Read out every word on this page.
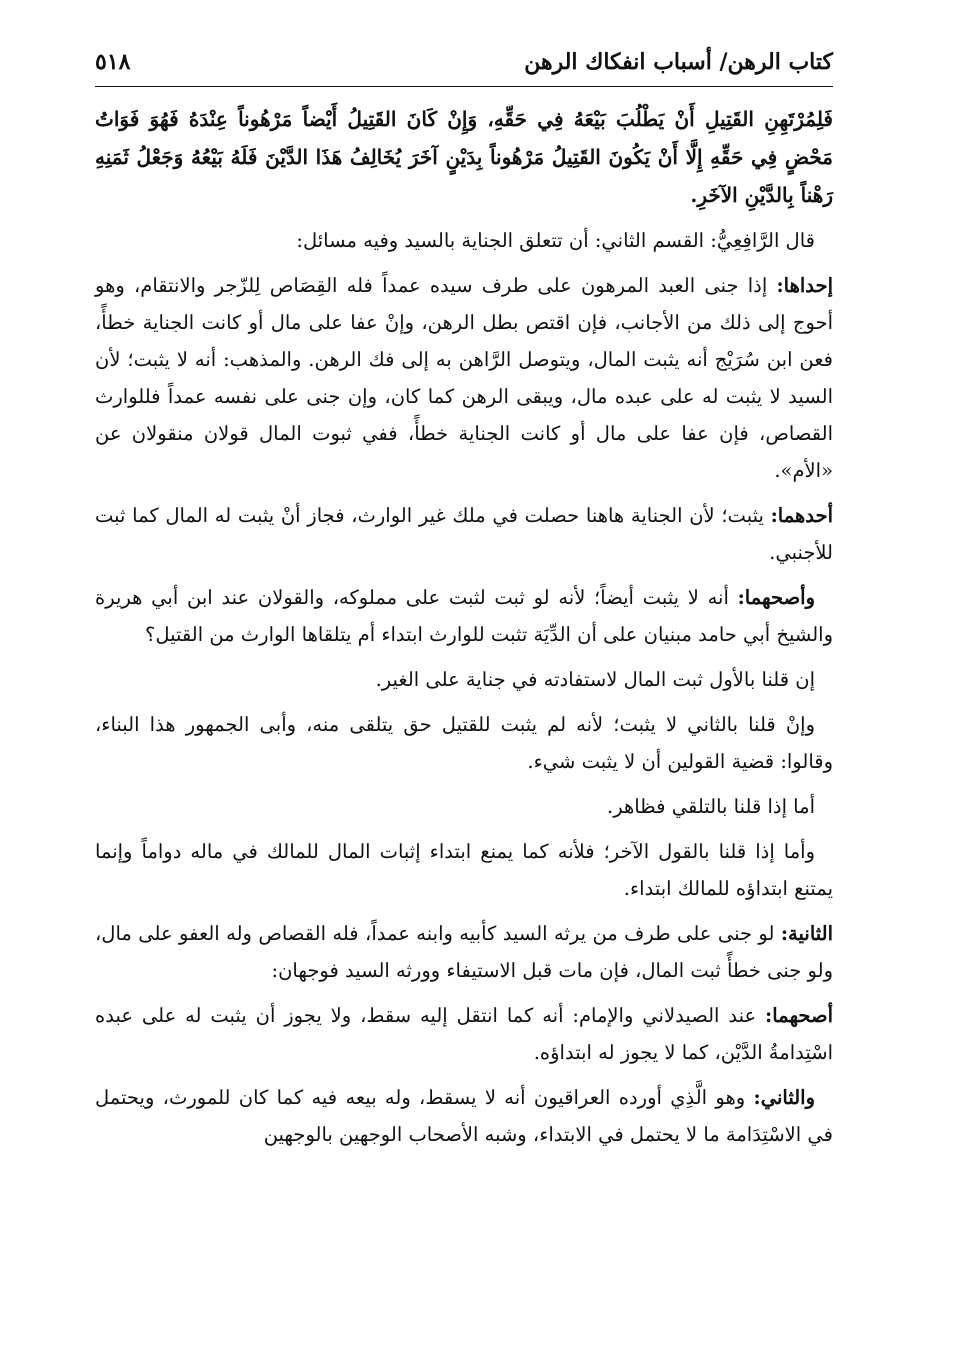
كتاب الرهن/ أسباب انفكاك الرهن
٥١٨

فَلِمُرْتَهِنِ القَتِيلِ أَنْ يَطْلُبَ بَيْعَهُ فِي حَقِّهِ، وَإِنْ كَانَ القَتِيلُ أَيْضاً مَرْهُوناً عِنْدَهُ فَهُوَ فَوَاتُ مَحْضٍ فِي حَقِّهِ إِلَّا أَنْ يَكُونَ القَتِيلُ مَرْهُوناً بِدَيْنٍ آخَرَ يُخَالِفُ هَذَا الدَّيْنَ فَلَهُ بَيْعُهُ وَجَعْلُ ثَمَنِهِ رَهْناً بِالدَّيْنِ الآخَرِ.

قال الرَّافِعِيُّ: القسم الثاني: أن تتعلق الجناية بالسيد وفيه مسائل:

إحداها: إذا جنى العبد المرهون على طرف سيده عمداً فله القِصَاص لِلزّجر والانتقام، وهو أحوج إلى ذلك من الأجانب، فإن اقتص بطل الرهن، وإنْ عفا على مال أو كانت الجناية خطأً، فعن ابن سُرَيْج أنه يثبت المال، ويتوصل الرَّاهن به إلى فك الرهن. والمذهب: أنه لا يثبت؛ لأن السيد لا يثبت له على عبده مال، ويبقى الرهن كما كان، وإن جنى على نفسه عمداً فللوارث القصاص، فإن عفا على مال أو كانت الجناية خطأً، ففي ثبوت المال قولان منقولان عن «الأم».

أحدهما: يثبت؛ لأن الجناية هاهنا حصلت في ملك غير الوارث، فجاز أنْ يثبت له المال كما ثبت للأجنبي.

وأصحهما: أنه لا يثبت أيضاً؛ لأنه لو ثبت لثبت على مملوكه، والقولان عند ابن أبي هريرة والشيخ أبي حامد مبنيان على أن الدِّيَة تثبت للوارث ابتداء أم يتلقاها الوارث من القتيل؟

إن قلنا بالأول ثبت المال لاستفادته في جناية على الغير.

وإنْ قلنا بالثاني لا يثبت؛ لأنه لم يثبت للقتيل حق يتلقى منه، وأبى الجمهور هذا البناء، وقالوا: قضية القولين أن لا يثبت شيء.

أما إذا قلنا بالتلقي فظاهر.

وأما إذا قلنا بالقول الآخر؛ فلأنه كما يمنع ابتداء إثبات المال للمالك في ماله دواماً وإنما يمتنع ابتداؤه للمالك ابتداء.

الثانية: لو جنى على طرف من يرثه السيد كأبيه وابنه عمداً، فله القصاص وله العفو على مال، ولو جنى خطأً ثبت المال، فإن مات قبل الاستيفاء وورثه السيد فوجهان:

أصحهما: عند الصيدلاني والإمام: أنه كما انتقل إليه سقط، ولا يجوز أن يثبت له على عبده اسْتِدامةُ الدَّيْن، كما لا يجوز له ابتداؤه.

والثاني: وهو الَّذِي أورده العراقيون أنه لا يسقط، وله بيعه فيه كما كان للمورث، ويحتمل في الاسْتِدَامة ما لا يحتمل في الابتداء، وشبه الأصحاب الوجهين بالوجهين
